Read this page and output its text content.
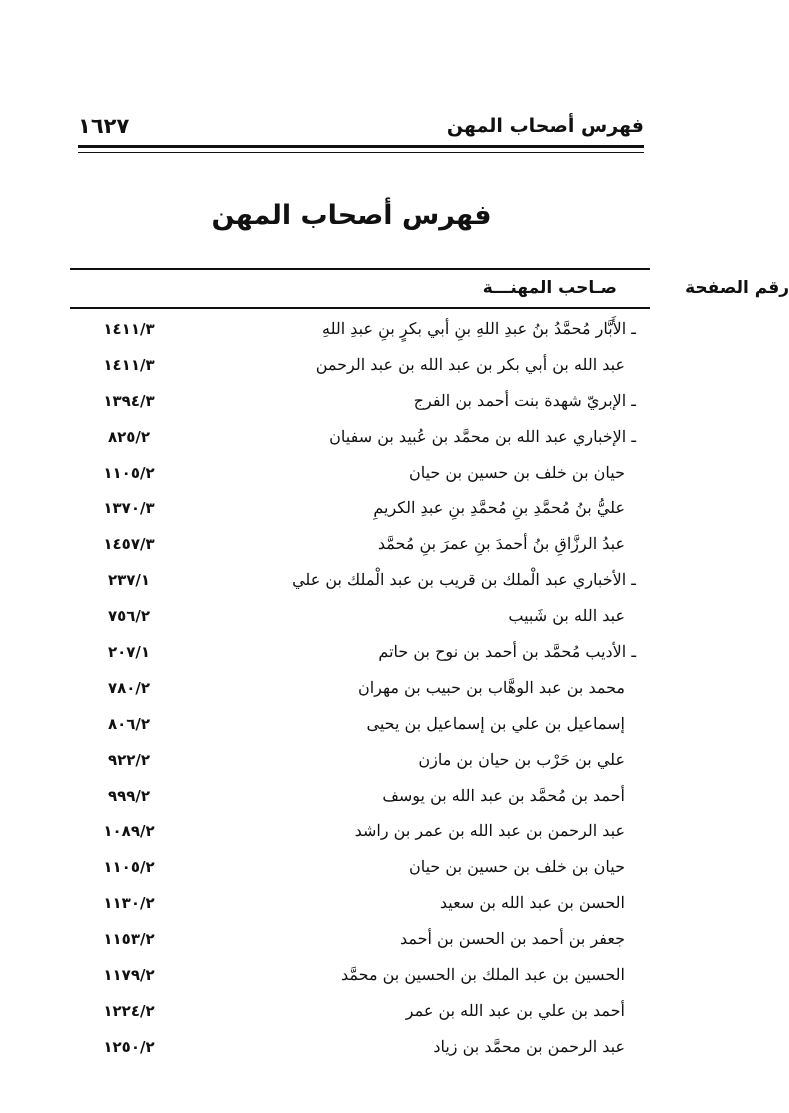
فهرس أصحاب المهن
١٦٢٧
فهرس أصحاب المهن
صـاحب المهنـــة	رقم الصفحة
ـ الأَبَّار مُحمَّدُ بنُ عبدِ اللهِ بنِ أبي بكرٍ بنِ عبدِ اللهِ
١٤١١/٣
عبد الله بن أبي بكر بن عبد الله بن عبد الرحمن
١٤١١/٣
ـ الإبريّ شهدة بنت أحمد بن الفرج
١٣٩٤/٣
ـ الإخباري عبد الله بن محمَّد بن عُبيد بن سفيان
٨٢٥/٢
حيان بن خلف بن حسين بن حيان
١١٠٥/٢
عليُّ بنُ مُحمَّدِ بنِ مُحمَّدِ بنِ عبدِ الكريمِ
١٣٧٠/٣
عبدُ الرزَّاقِ بنُ أحمدَ بنِ عمرَ بنِ مُحمَّد
١٤٥٧/٣
ـ الأخباري عبد الْملك بن قريب بن عبد الْملك بن علي
٢٣٧/١
عبد الله بن شَبيب
٧٥٦/٢
ـ الأديب مُحمَّد بن أحمد بن نوح بن حاتم
٢٠٧/١
محمد بن عبد الوهَّاب بن حبيب بن مهران
٧٨٠/٢
إسماعيل بن علي بن إسماعيل بن يحيى
٨٠٦/٢
علي بن حَرْب بن حيان بن مازن
٩٢٢/٢
أحمد بن مُحمَّد بن عبد الله بن يوسف
٩٩٩/٢
عبد الرحمن بن عبد الله بن عمر بن راشد
١٠٨٩/٢
حيان بن خلف بن حسين بن حيان
١١٠٥/٢
الحسن بن عبد الله بن سعيد
١١٣٠/٢
جعفر بن أحمد بن الحسن بن أحمد
١١٥٣/٢
الحسين بن عبد الملك بن الحسين بن محمَّد
١١٧٩/٢
أحمد بن علي بن عبد الله بن عمر
١٢٢٤/٢
عبد الرحمن بن محمَّد بن زياد
١٢٥٠/٢
